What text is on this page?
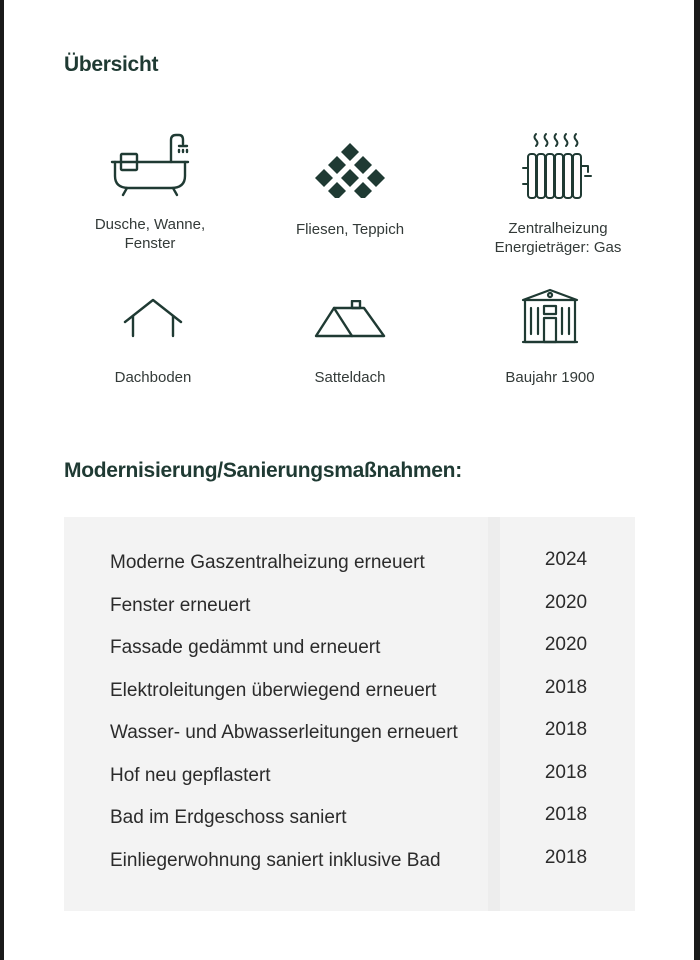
Übersicht
Dusche, Wanne,
Fenster
Fliesen, Teppich	Zentralheizung
Energieträger: Gas
Dachboden	Satteldach	Baujahr 1900
Modernisierung/Sanierungsmaßnahmen:
Moderne Gaszentralheizung erneuert	2024
Fenster erneuert	2020
Fassade gedämmt und erneuert	2020
Elektroleitungen überwiegend erneuert	2018
Wasser- und Abwasserleitungen erneuert	2018
Hof neu gepflastert	2018
Bad im Erdgeschoss saniert	2018
Einliegerwohnung saniert inklusive Bad	2018
